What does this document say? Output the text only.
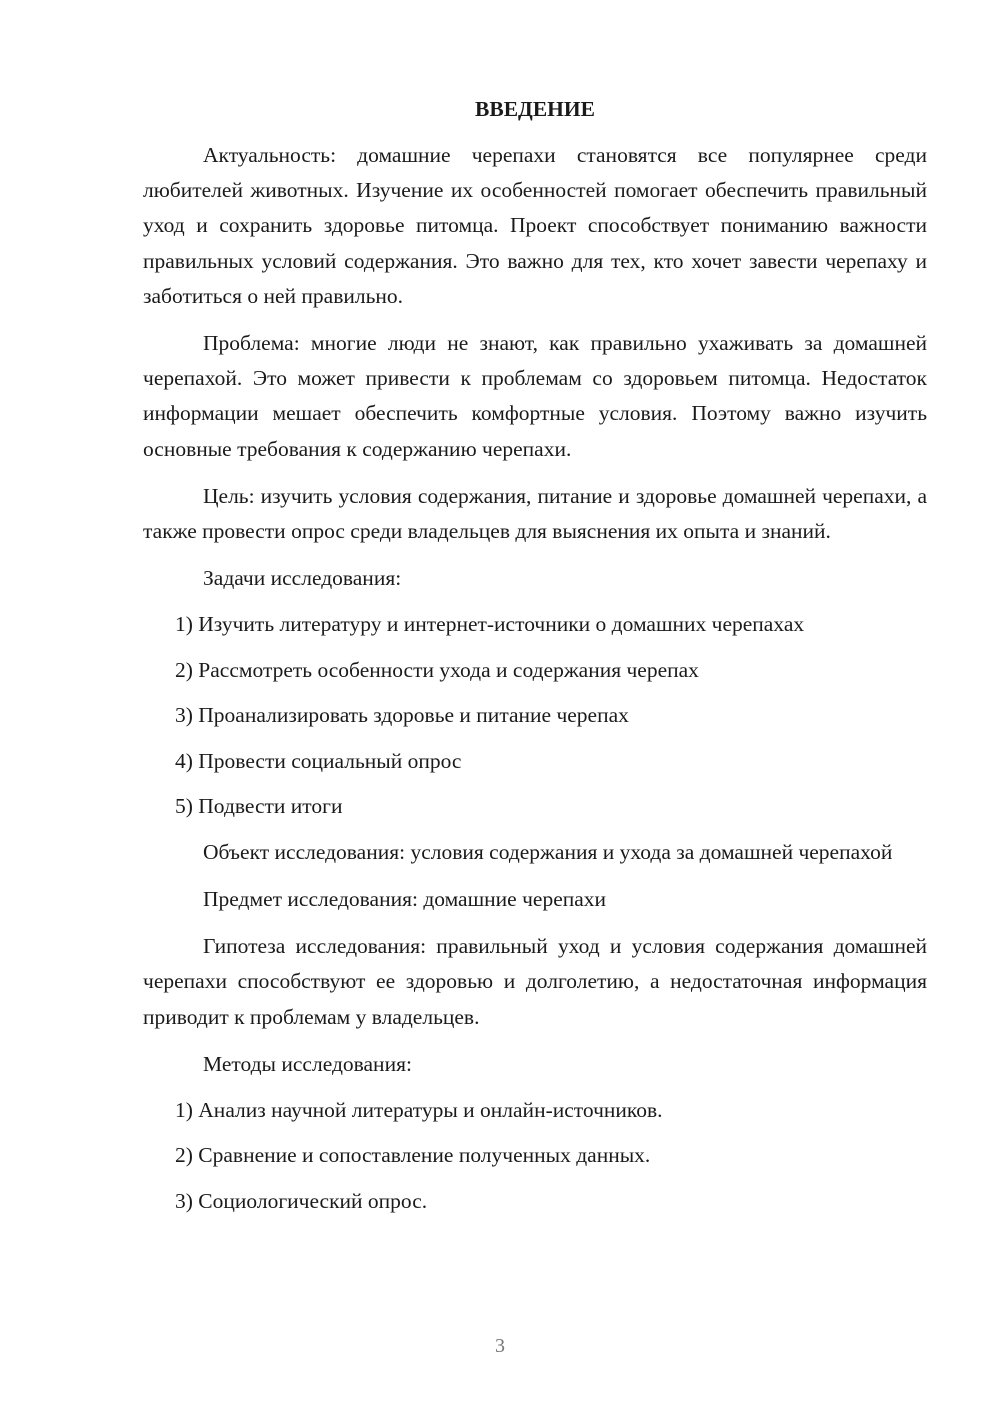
ВВЕДЕНИЕ

Актуальность: домашние черепахи становятся все популярнее среди любителей животных. Изучение их особенностей помогает обеспечить правильный уход и сохранить здоровье питомца. Проект способствует пониманию важности правильных условий содержания. Это важно для тех, кто хочет завести черепаху и заботиться о ней правильно.

Проблема: многие люди не знают, как правильно ухаживать за домашней черепахой. Это может привести к проблемам со здоровьем питомца. Недостаток информации мешает обеспечить комфортные условия. Поэтому важно изучить основные требования к содержанию черепахи.

Цель: изучить условия содержания, питание и здоровье домашней черепахи, а также провести опрос среди владельцев для выяснения их опыта и знаний.

Задачи исследования:
1) Изучить литературу и интернет-источники о домашних черепахах
2) Рассмотреть особенности ухода и содержания черепах
3) Проанализировать здоровье и питание черепах
4) Провести социальный опрос
5) Подвести итоги

Объект исследования: условия содержания и ухода за домашней черепахой

Предмет исследования: домашние черепахи

Гипотеза исследования: правильный уход и условия содержания домашней черепахи способствуют ее здоровью и долголетию, а недостаточная информация приводит к проблемам у владельцев.

Методы исследования:
1) Анализ научной литературы и онлайн-источников.
2) Сравнение и сопоставление полученных данных.
3) Социологический опрос.
3
